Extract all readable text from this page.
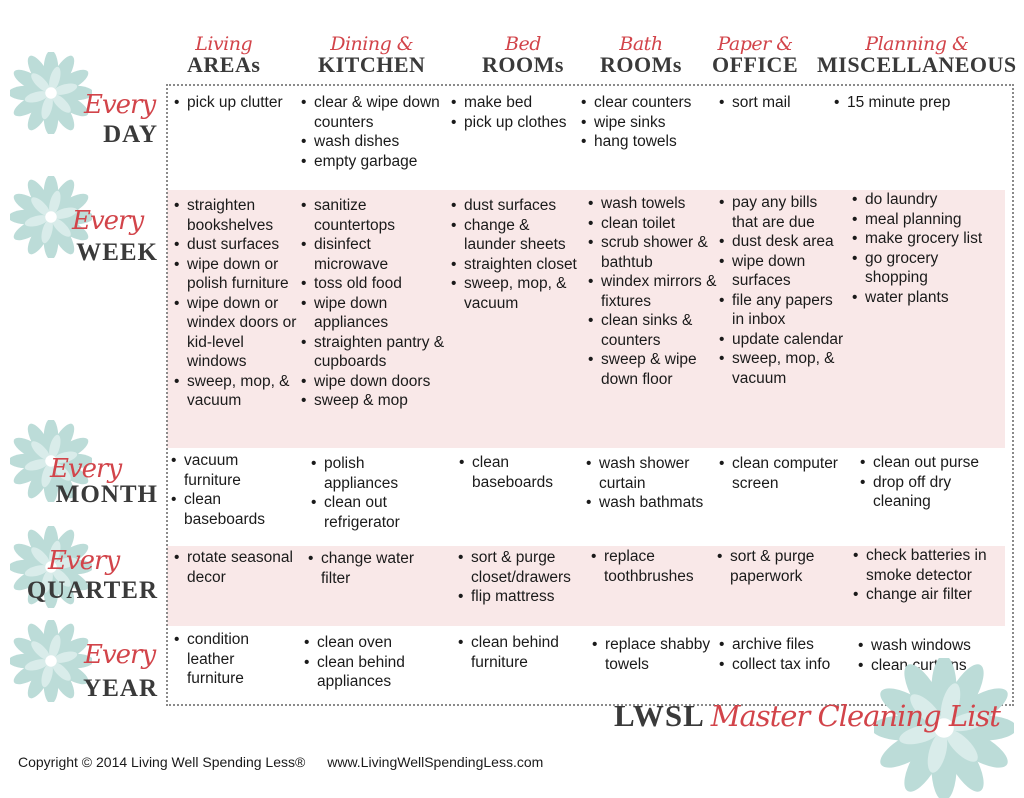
Living
AREAs
Dining &
KITCHEN
Bed
ROOMs
Bath
ROOMs
Paper &
OFFICE
Planning &
MISCELLANEOUS
Every
DAY
Every
WEEK
Every
MONTH
Every
QUARTER
Every
YEAR
• pick up clutter	• clear & wipe down counters
• wash dishes
• empty garbage
• make bed
• pick up clothes
• clear counters
• wipe sinks
• hang towels
• sort mail	• 15 minute prep
• straighten bookshelves
• dust surfaces
• wipe down or polish furniture
• wipe down or windex doors or kid-level windows
• sweep, mop, & vacuum
• sanitize countertops
• disinfect microwave
• toss old food
• wipe down appliances
• straighten pantry & cupboards
• wipe down doors
• sweep & mop
• dust surfaces
• change & launder sheets
• straighten closet
• sweep, mop, & vacuum
• wash towels
• clean toilet
• scrub shower & bathtub
• windex mirrors & fixtures
• clean sinks & counters
• sweep & wipe down floor
• pay any bills that are due
• dust desk area
• wipe down surfaces
• file any papers in inbox
• update calendar
• sweep, mop, & vacuum
• do laundry
• meal planning
• make grocery list
• go grocery shopping
• water plants
• vacuum furniture
• clean baseboards
• polish appliances
• clean out refrigerator
• clean baseboards
• wash shower curtain
• wash bathmats
• clean computer screen
• clean out purse
• drop off dry cleaning
• rotate seasonal decor
• change water filter
• sort & purge closet/drawers
• flip mattress
• replace toothbrushes
• sort & purge paperwork
• check batteries in smoke detector
• change air filter
• condition leather furniture
• clean oven
• clean behind appliances
• clean behind furniture
• replace shabby towels
• archive files
• collect tax info
• wash windows
• clean curtains
LWSL Master Cleaning List
Copyright © 2014 Living Well Spending Less® www.LivingWellSpendingLess.com
